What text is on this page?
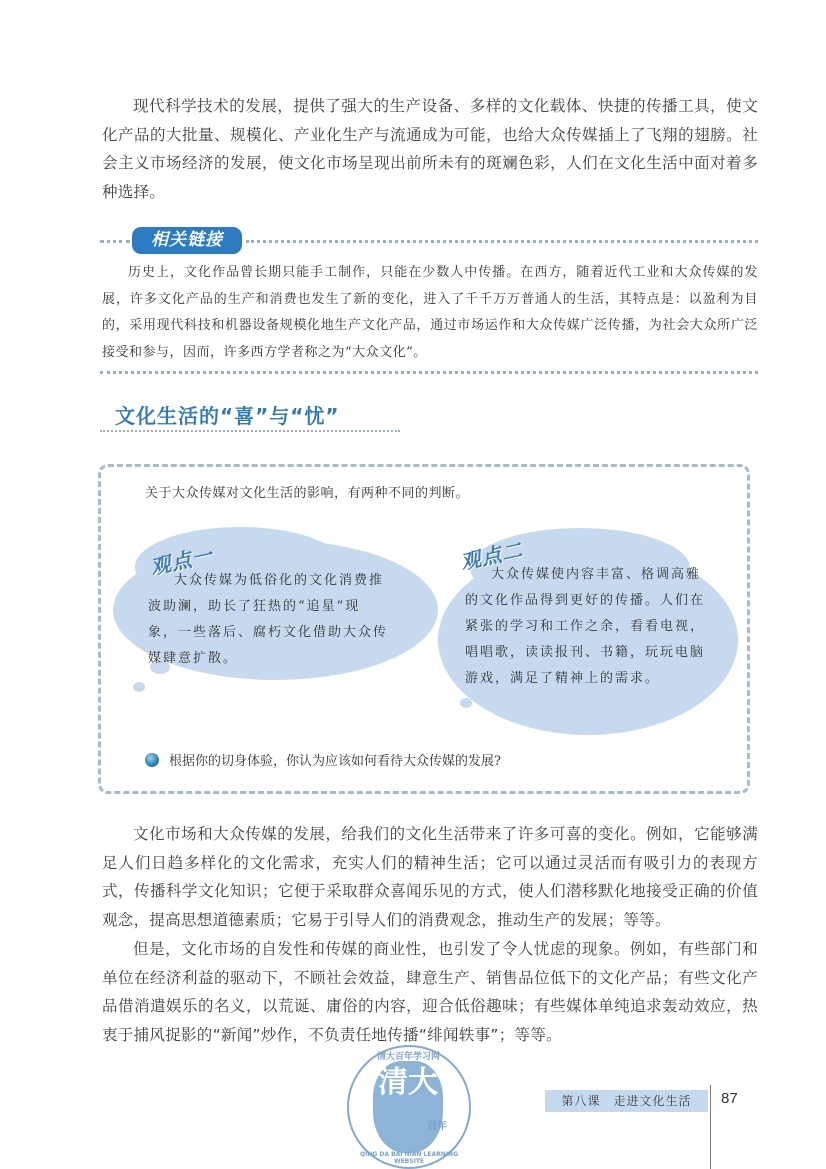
现代科学技术的发展，提供了强大的生产设备、多样的文化载体、快捷的传播工具，使文化产品的大批量、规模化、产业化生产与流通成为可能，也给大众传媒插上了飞翔的翅膀。社会主义市场经济的发展，使文化市场呈现出前所未有的斑斓色彩，人们在文化生活中面对着多种选择。

相关链接

历史上，文化作品曾长期只能手工制作，只能在少数人中传播。在西方，随着近代工业和大众传媒的发展，许多文化产品的生产和消费也发生了新的变化，进入了千千万万普通人的生活，其特点是：以盈利为目的，采用现代科技和机器设备规模化地生产文化产品，通过市场运作和大众传媒广泛传播，为社会大众所广泛接受和参与，因而，许多西方学者称之为“大众文化”。

文化生活的“喜”与“忧”
关于大众传媒对文化生活的影响，有两种不同的判断。
观点一

大众传媒为低俗化的文化消费推波助澜，助长了狂热的“追星”现象，一些落后、腐朽文化借助大众传媒肆意扩散。

观点二

大众传媒使内容丰富、格调高雅的文化作品得到更好的传播。人们在紧张的学习和工作之余，看看电视，唱唱歌，读读报刊、书籍，玩玩电脑游戏，满足了精神上的需求。

根据你的切身体验，你认为应该如何看待大众传媒的发展?

文化市场和大众传媒的发展，给我们的文化生活带来了许多可喜的变化。例如，它能够满足人们日趋多样化的文化需求，充实人们的精神生活；它可以通过灵活而有吸引力的表现方式，传播科学文化知识；它便于采取群众喜闻乐见的方式，使人们潜移默化地接受正确的价值观念，提高思想道德素质；它易于引导人们的消费观念，推动生产的发展；等等。

但是，文化市场的自发性和传媒的商业性，也引发了令人忧虑的现象。例如，有些部门和单位在经济利益的驱动下，不顾社会效益，肆意生产、销售品位低下的文化产品；有些文化产品借消遣娱乐的名义，以荒诞、庸俗的内容，迎合低俗趣味；有些媒体单纯追求轰动效应，热衷于捕风捉影的“新闻”炒作，不负责任地传播“绯闻轶事”；等等。

清大
清大百年学习网
百年
QING DA BAI NIAN LEARNING WEBSITE
第八课　走进文化生活	87
